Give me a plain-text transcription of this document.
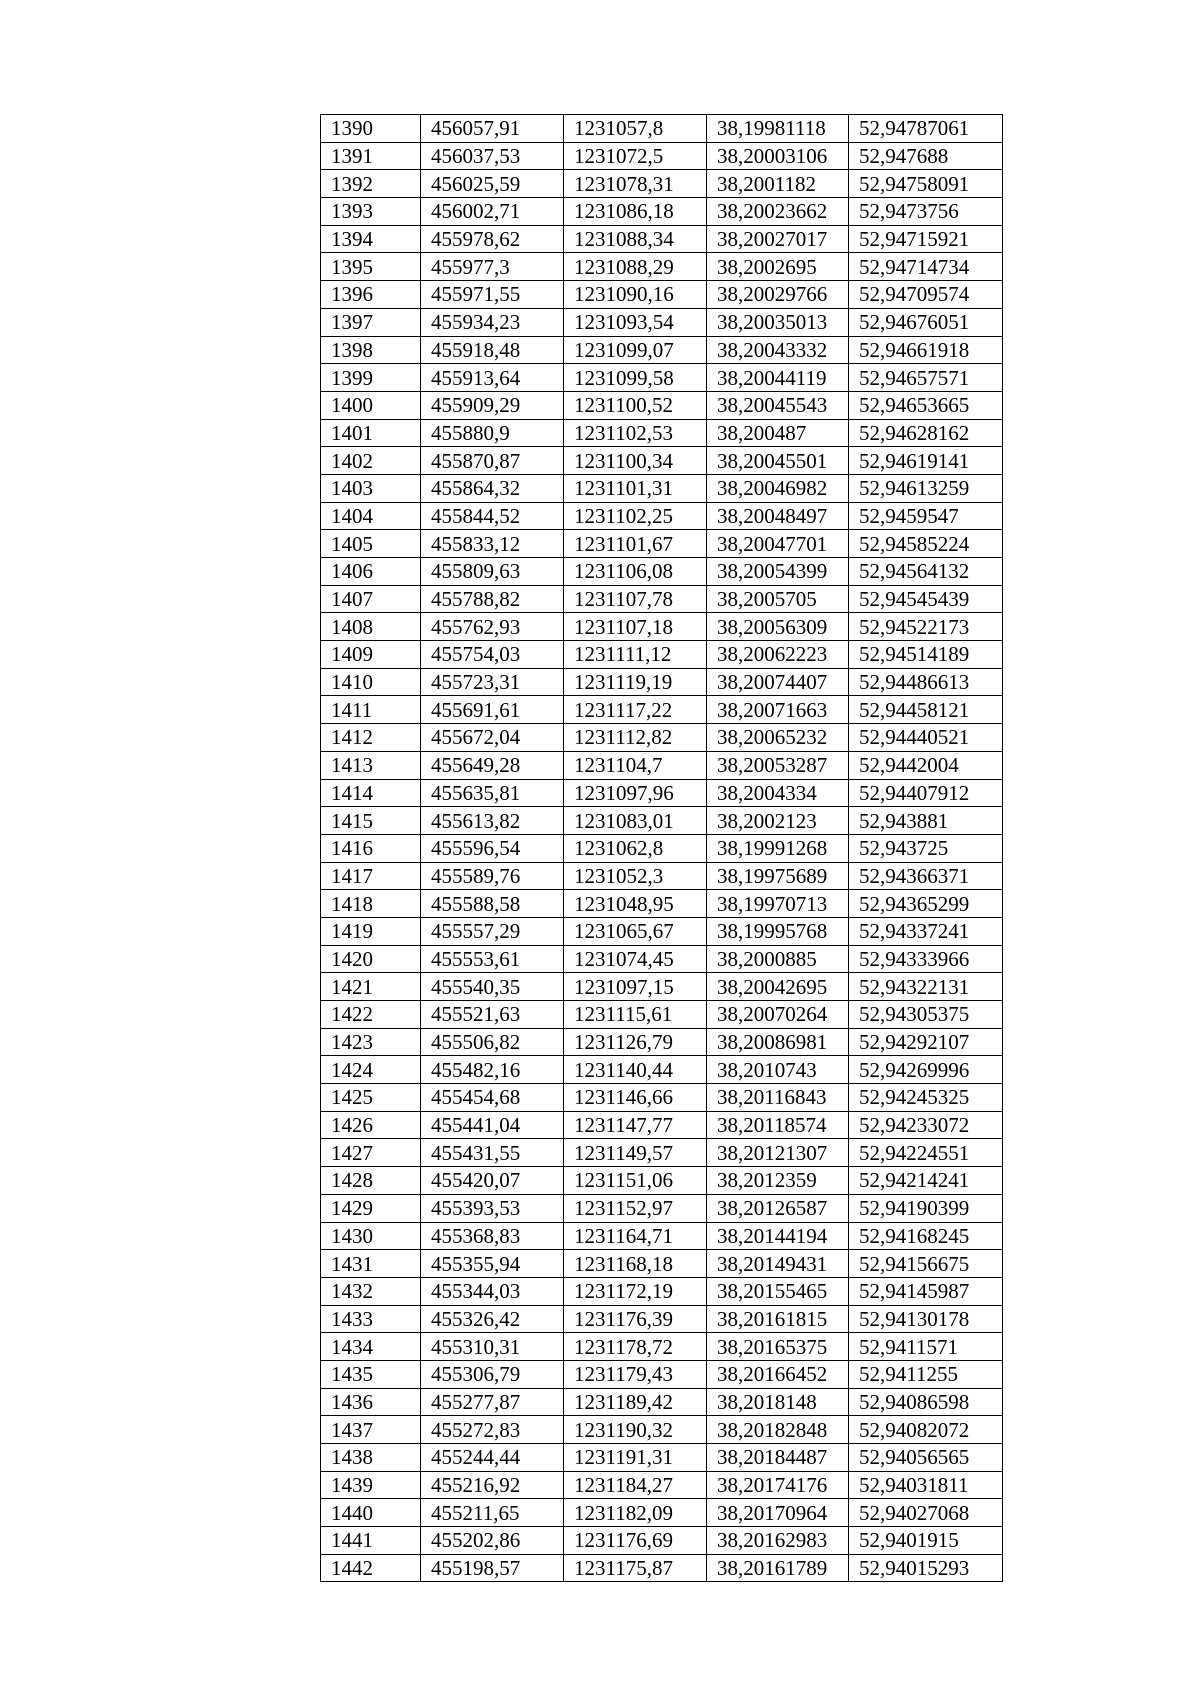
1390	456057,91	1231057,8	38,19981118	52,94787061
1391	456037,53	1231072,5	38,20003106	52,947688
1392	456025,59	1231078,31	38,2001182	52,94758091
1393	456002,71	1231086,18	38,20023662	52,9473756
1394	455978,62	1231088,34	38,20027017	52,94715921
1395	455977,3	1231088,29	38,2002695	52,94714734
1396	455971,55	1231090,16	38,20029766	52,94709574
1397	455934,23	1231093,54	38,20035013	52,94676051
1398	455918,48	1231099,07	38,20043332	52,94661918
1399	455913,64	1231099,58	38,20044119	52,94657571
1400	455909,29	1231100,52	38,20045543	52,94653665
1401	455880,9	1231102,53	38,200487	52,94628162
1402	455870,87	1231100,34	38,20045501	52,94619141
1403	455864,32	1231101,31	38,20046982	52,94613259
1404	455844,52	1231102,25	38,20048497	52,9459547
1405	455833,12	1231101,67	38,20047701	52,94585224
1406	455809,63	1231106,08	38,20054399	52,94564132
1407	455788,82	1231107,78	38,2005705	52,94545439
1408	455762,93	1231107,18	38,20056309	52,94522173
1409	455754,03	1231111,12	38,20062223	52,94514189
1410	455723,31	1231119,19	38,20074407	52,94486613
1411	455691,61	1231117,22	38,20071663	52,94458121
1412	455672,04	1231112,82	38,20065232	52,94440521
1413	455649,28	1231104,7	38,20053287	52,9442004
1414	455635,81	1231097,96	38,2004334	52,94407912
1415	455613,82	1231083,01	38,2002123	52,943881
1416	455596,54	1231062,8	38,19991268	52,943725
1417	455589,76	1231052,3	38,19975689	52,94366371
1418	455588,58	1231048,95	38,19970713	52,94365299
1419	455557,29	1231065,67	38,19995768	52,94337241
1420	455553,61	1231074,45	38,2000885	52,94333966
1421	455540,35	1231097,15	38,20042695	52,94322131
1422	455521,63	1231115,61	38,20070264	52,94305375
1423	455506,82	1231126,79	38,20086981	52,94292107
1424	455482,16	1231140,44	38,2010743	52,94269996
1425	455454,68	1231146,66	38,20116843	52,94245325
1426	455441,04	1231147,77	38,20118574	52,94233072
1427	455431,55	1231149,57	38,20121307	52,94224551
1428	455420,07	1231151,06	38,2012359	52,94214241
1429	455393,53	1231152,97	38,20126587	52,94190399
1430	455368,83	1231164,71	38,20144194	52,94168245
1431	455355,94	1231168,18	38,20149431	52,94156675
1432	455344,03	1231172,19	38,20155465	52,94145987
1433	455326,42	1231176,39	38,20161815	52,94130178
1434	455310,31	1231178,72	38,20165375	52,9411571
1435	455306,79	1231179,43	38,20166452	52,9411255
1436	455277,87	1231189,42	38,2018148	52,94086598
1437	455272,83	1231190,32	38,20182848	52,94082072
1438	455244,44	1231191,31	38,20184487	52,94056565
1439	455216,92	1231184,27	38,20174176	52,94031811
1440	455211,65	1231182,09	38,20170964	52,94027068
1441	455202,86	1231176,69	38,20162983	52,9401915
1442	455198,57	1231175,87	38,20161789	52,94015293
